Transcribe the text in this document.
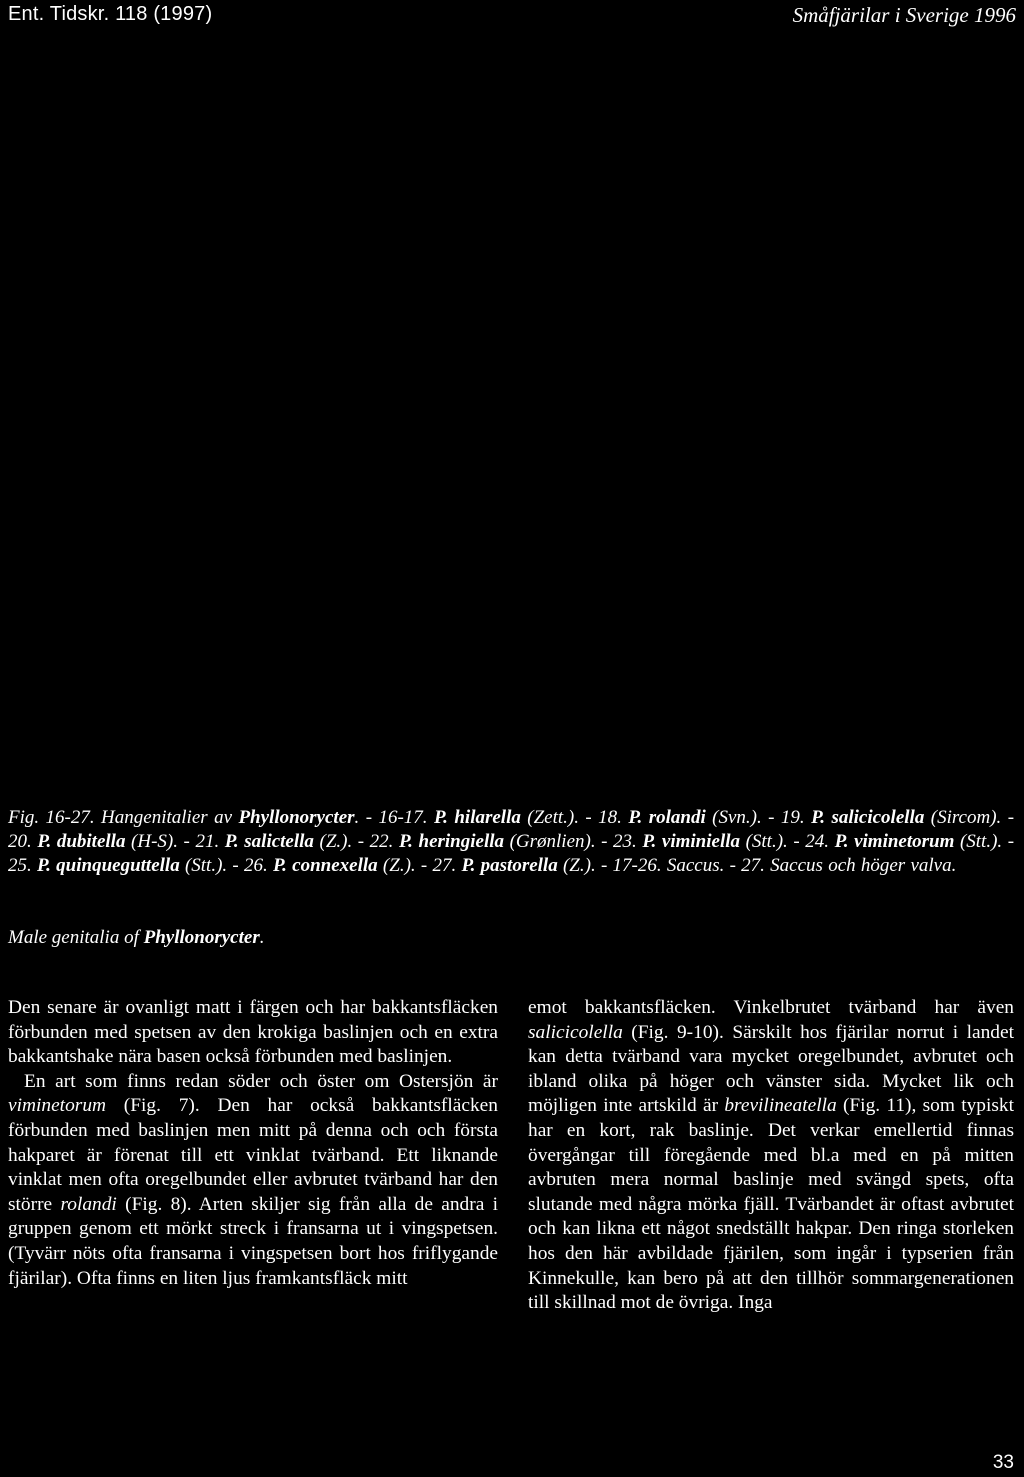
Ent. Tidskr. 118 (1997)	Småfjärilar i Sverige 1996
Fig. 16-27. Hangenitalier av Phyllonorycter. - 16-17. P. hilarella (Zett.). - 18. P. rolandi (Svn.). - 19. P. salicicolella (Sircom). - 20. P. dubitella (H-S). - 21. P. salictella (Z.). - 22. P. heringiella (Grønlien). - 23. P. viminiella (Stt.). - 24. P. viminetorum (Stt.). - 25. P. quinqueguttella (Stt.). - 26. P. connexella (Z.). - 27. P. pastorella (Z.). - 17-26. Saccus. - 27. Saccus och höger valva.
Male genitalia of Phyllonorycter.

Den senare är ovanligt matt i färgen och har bakkantsfläcken förbunden med spetsen av den krokiga baslinjen och en extra bakkantshake nära basen också förbunden med baslinjen.

En art som finns redan söder och öster om Ostersjön är viminetorum (Fig. 7). Den har också bakkantsfläcken förbunden med baslinjen men mitt på denna och och första hakparet är förenat till ett vinklat tvärband. Ett liknande vinklat men ofta oregelbundet eller avbrutet tvärband har den större rolandi (Fig. 8). Arten skiljer sig från alla de andra i gruppen genom ett mörkt streck i fransarna ut i vingspetsen. (Tyvärr nöts ofta fransarna i vingspetsen bort hos friflygande fjärilar). Ofta finns en liten ljus framkantsfläck mitt

emot bakkantsfläcken. Vinkelbrutet tvärband har även salicicolella (Fig. 9-10). Särskilt hos fjärilar norrut i landet kan detta tvärband vara mycket oregelbundet, avbrutet och ibland olika på höger och vänster sida. Mycket lik och möjligen inte artskild är brevilineatella (Fig. 11), som typiskt har en kort, rak baslinje. Det verkar emellertid finnas övergångar till föregående med bl.a med en på mitten avbruten mera normal baslinje med svängd spets, ofta slutande med några mörka fjäll. Tvärbandet är oftast avbrutet och kan likna ett något snedställt hakpar. Den ringa storleken hos den här avbildade fjärilen, som ingår i typserien från Kinnekulle, kan bero på att den tillhör sommargenerationen till skillnad mot de övriga. Inga

33
